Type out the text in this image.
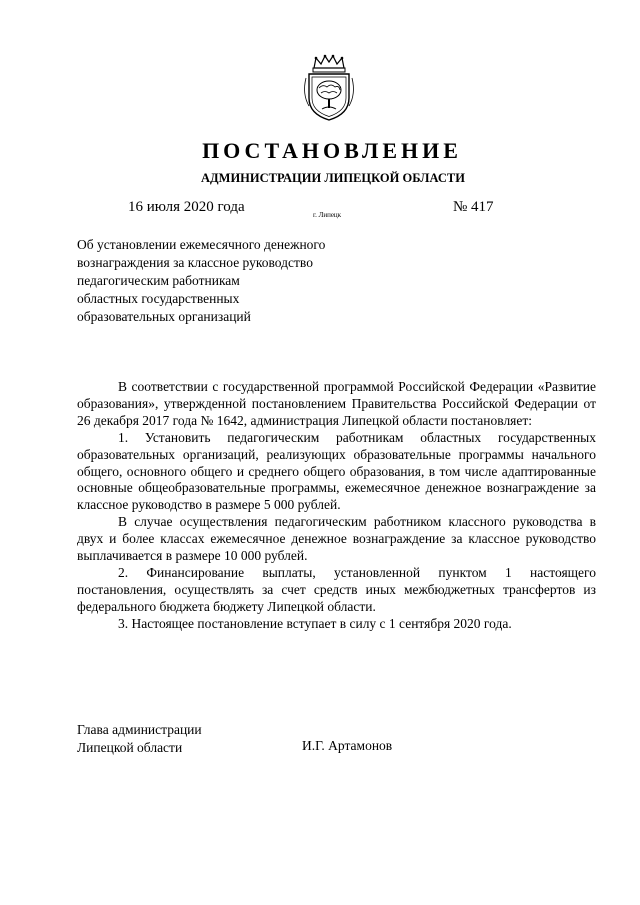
ПОСТАНОВЛЕНИЕ
АДМИНИСТРАЦИИ ЛИПЕЦКОЙ ОБЛАСТИ
16 июля 2020 года	г. Липецк	№ 417
Об установлении ежемесячного денежного
вознаграждения за классное руководство
педагогическим работникам
областных государственных
образовательных организаций

В соответствии с государственной программой Российской Федерации «Развитие образования», утвержденной постановлением Правительства Российской Федерации от 26 декабря 2017 года № 1642, администрация Липецкой области постановляет:

1. Установить педагогическим работникам областных государственных образовательных организаций, реализующих образовательные программы начального общего, основного общего и среднего общего образования, в том числе адаптированные основные общеобразовательные программы, ежемесячное денежное вознаграждение за классное руководство в размере 5 000 рублей.

В случае осуществления педагогическим работником классного руководства в двух и более классах ежемесячное денежное вознаграждение за классное руководство выплачивается в размере 10 000 рублей.

2. Финансирование выплаты, установленной пунктом 1 настоящего постановления, осуществлять за счет средств иных межбюджетных трансфертов из федерального бюджета бюджету Липецкой области.

3. Настоящее постановление вступает в силу с 1 сентября 2020 года.

Глава администрации
Липецкой области	И.Г. Артамонов
